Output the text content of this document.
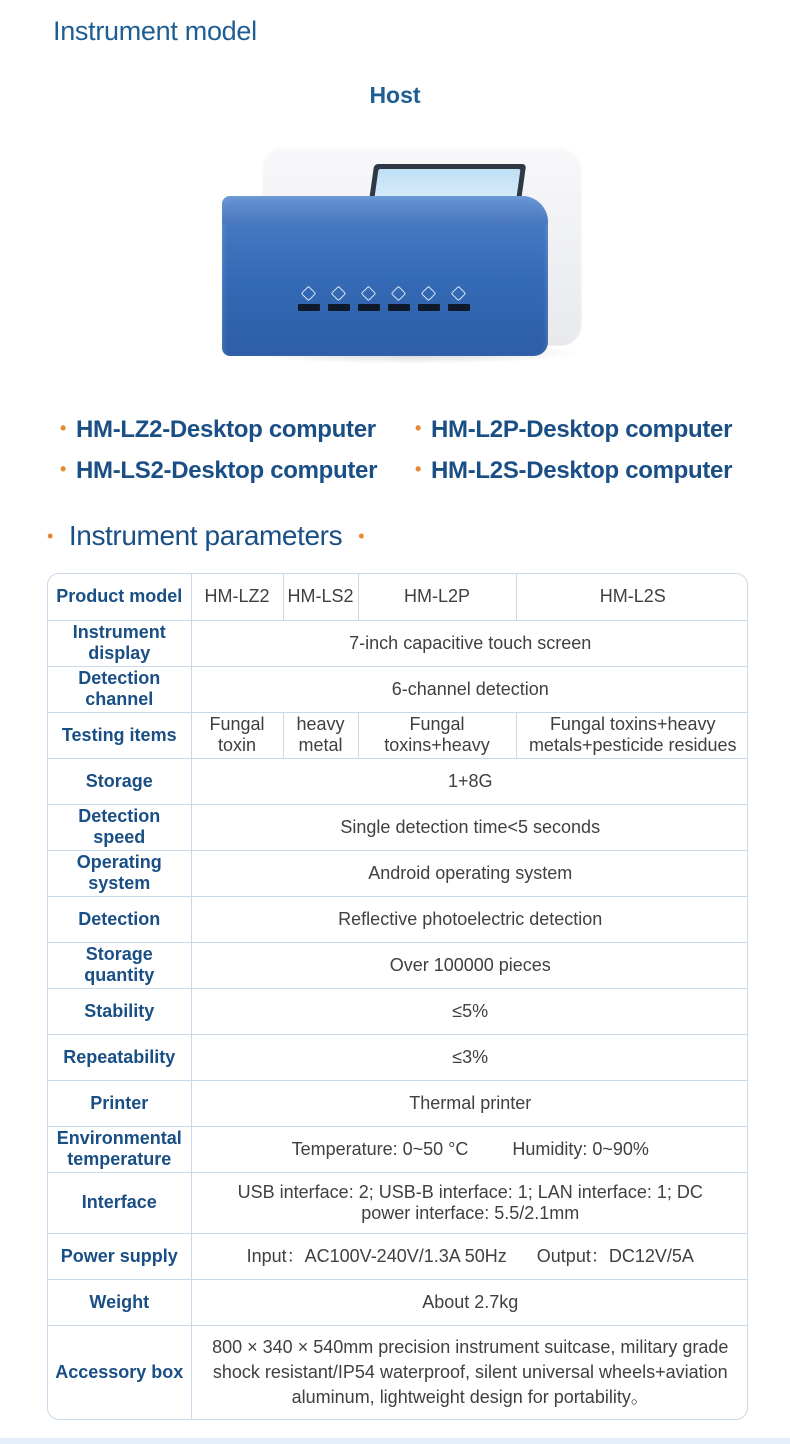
Instrument model
Host
• HM-LZ2-Desktop computer • HM-L2P-Desktop computer
• HM-LS2-Desktop computer • HM-L2S-Desktop computer
• Instrument parameters •
Product model	HM-LZ2	HM-LS2	HM-L2P	HM-L2S
Instrument display	7-inch capacitive touch screen			
Detection channel	6-channel detection			
Testing items	Fungal toxin	heavy metal	Fungal toxins+heavy	Fungal toxins+heavy metals+pesticide residues
Storage	1+8G			
Detection speed	Single detection time<5 seconds			
Operating system	Android operating system			
Detection	Reflective photoelectric detection			
Storage quantity	Over 100000 pieces			
Stability	≤5%			
Repeatability	≤3%			
Printer	Thermal printer			
Environmental temperature	Temperature: 0~50 °C Humidity: 0~90%			
Interface	USB interface: 2; USB-B interface: 1; LAN interface: 1; DC power interface: 5.5/2.1mm			
Power supply	Input：AC100V-240V/1.3A 50Hz Output：DC12V/5A			
Weight	About 2.7kg			
Accessory box	800 × 340 × 540mm precision instrument suitcase, military grade shock resistant/IP54 waterproof, silent universal wheels+aviation aluminum, lightweight design for portability。			
